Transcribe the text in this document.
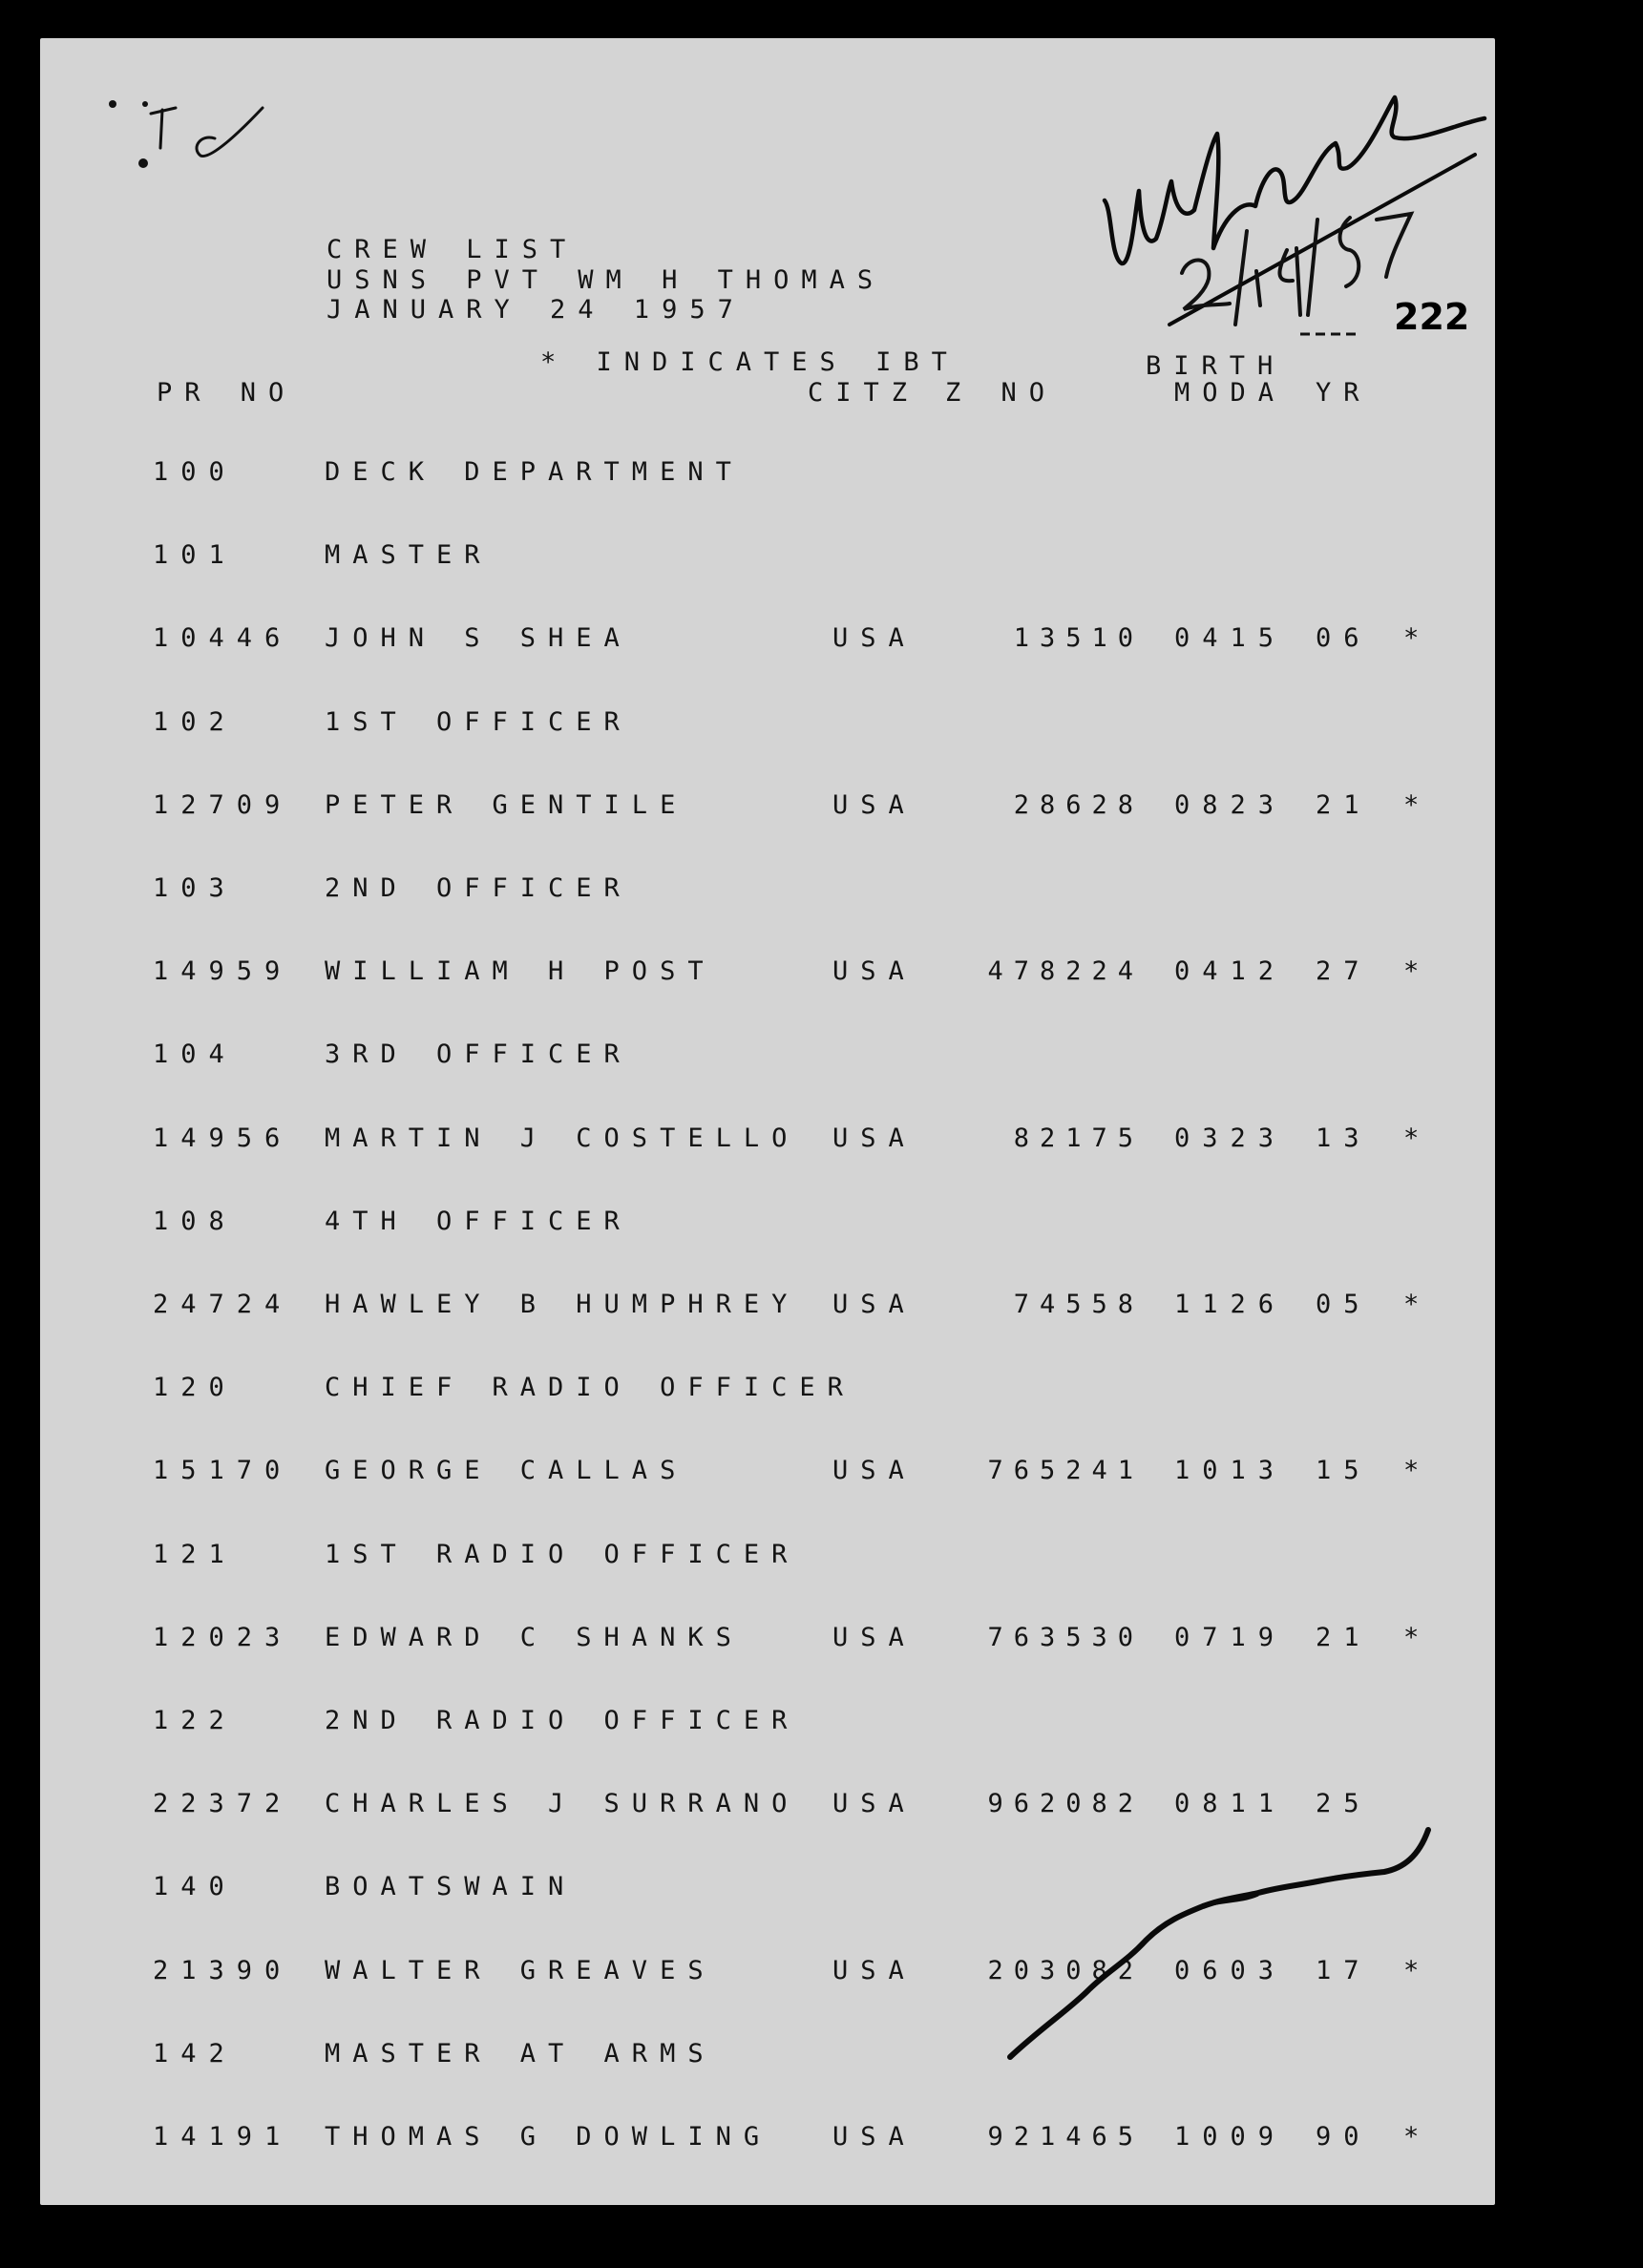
222
CREW LIST
USNS PVT WM H THOMAS
JANUARY 24 1957
* INDICATES IBT	BIRTH
PR NO	CITZ Z NO	MODA YR
100	DECK DEPARTMENT
101	MASTER
10446 JOHN S SHEA	USA	13510 0415 06 *
102	1ST OFFICER
12709 PETER GENTILE	USA	28628 0823 21 *
103	2ND OFFICER
14959 WILLIAM H POST	USA	478224 0412 27 *
104	3RD OFFICER
14956 MARTIN J COSTELLO USA	82175 0323 13 *
108	4TH OFFICER
24724 HAWLEY B HUMPHREY USA	74558 1126 05 *
120	CHIEF RADIO OFFICER
15170 GEORGE CALLAS	USA	765241 1013 15 *
121	1ST RADIO OFFICER
12023 EDWARD C SHANKS	USA	763530 0719 21 *
122	2ND RADIO OFFICER
22372 CHARLES J SURRANO USA	962082 0811 25
140	BOATSWAIN
21390 WALTER GREAVES	USA	203082 0603 17 *
142	MASTER AT ARMS
14191 THOMAS G DOWLING USA	921465 1009 90 *
